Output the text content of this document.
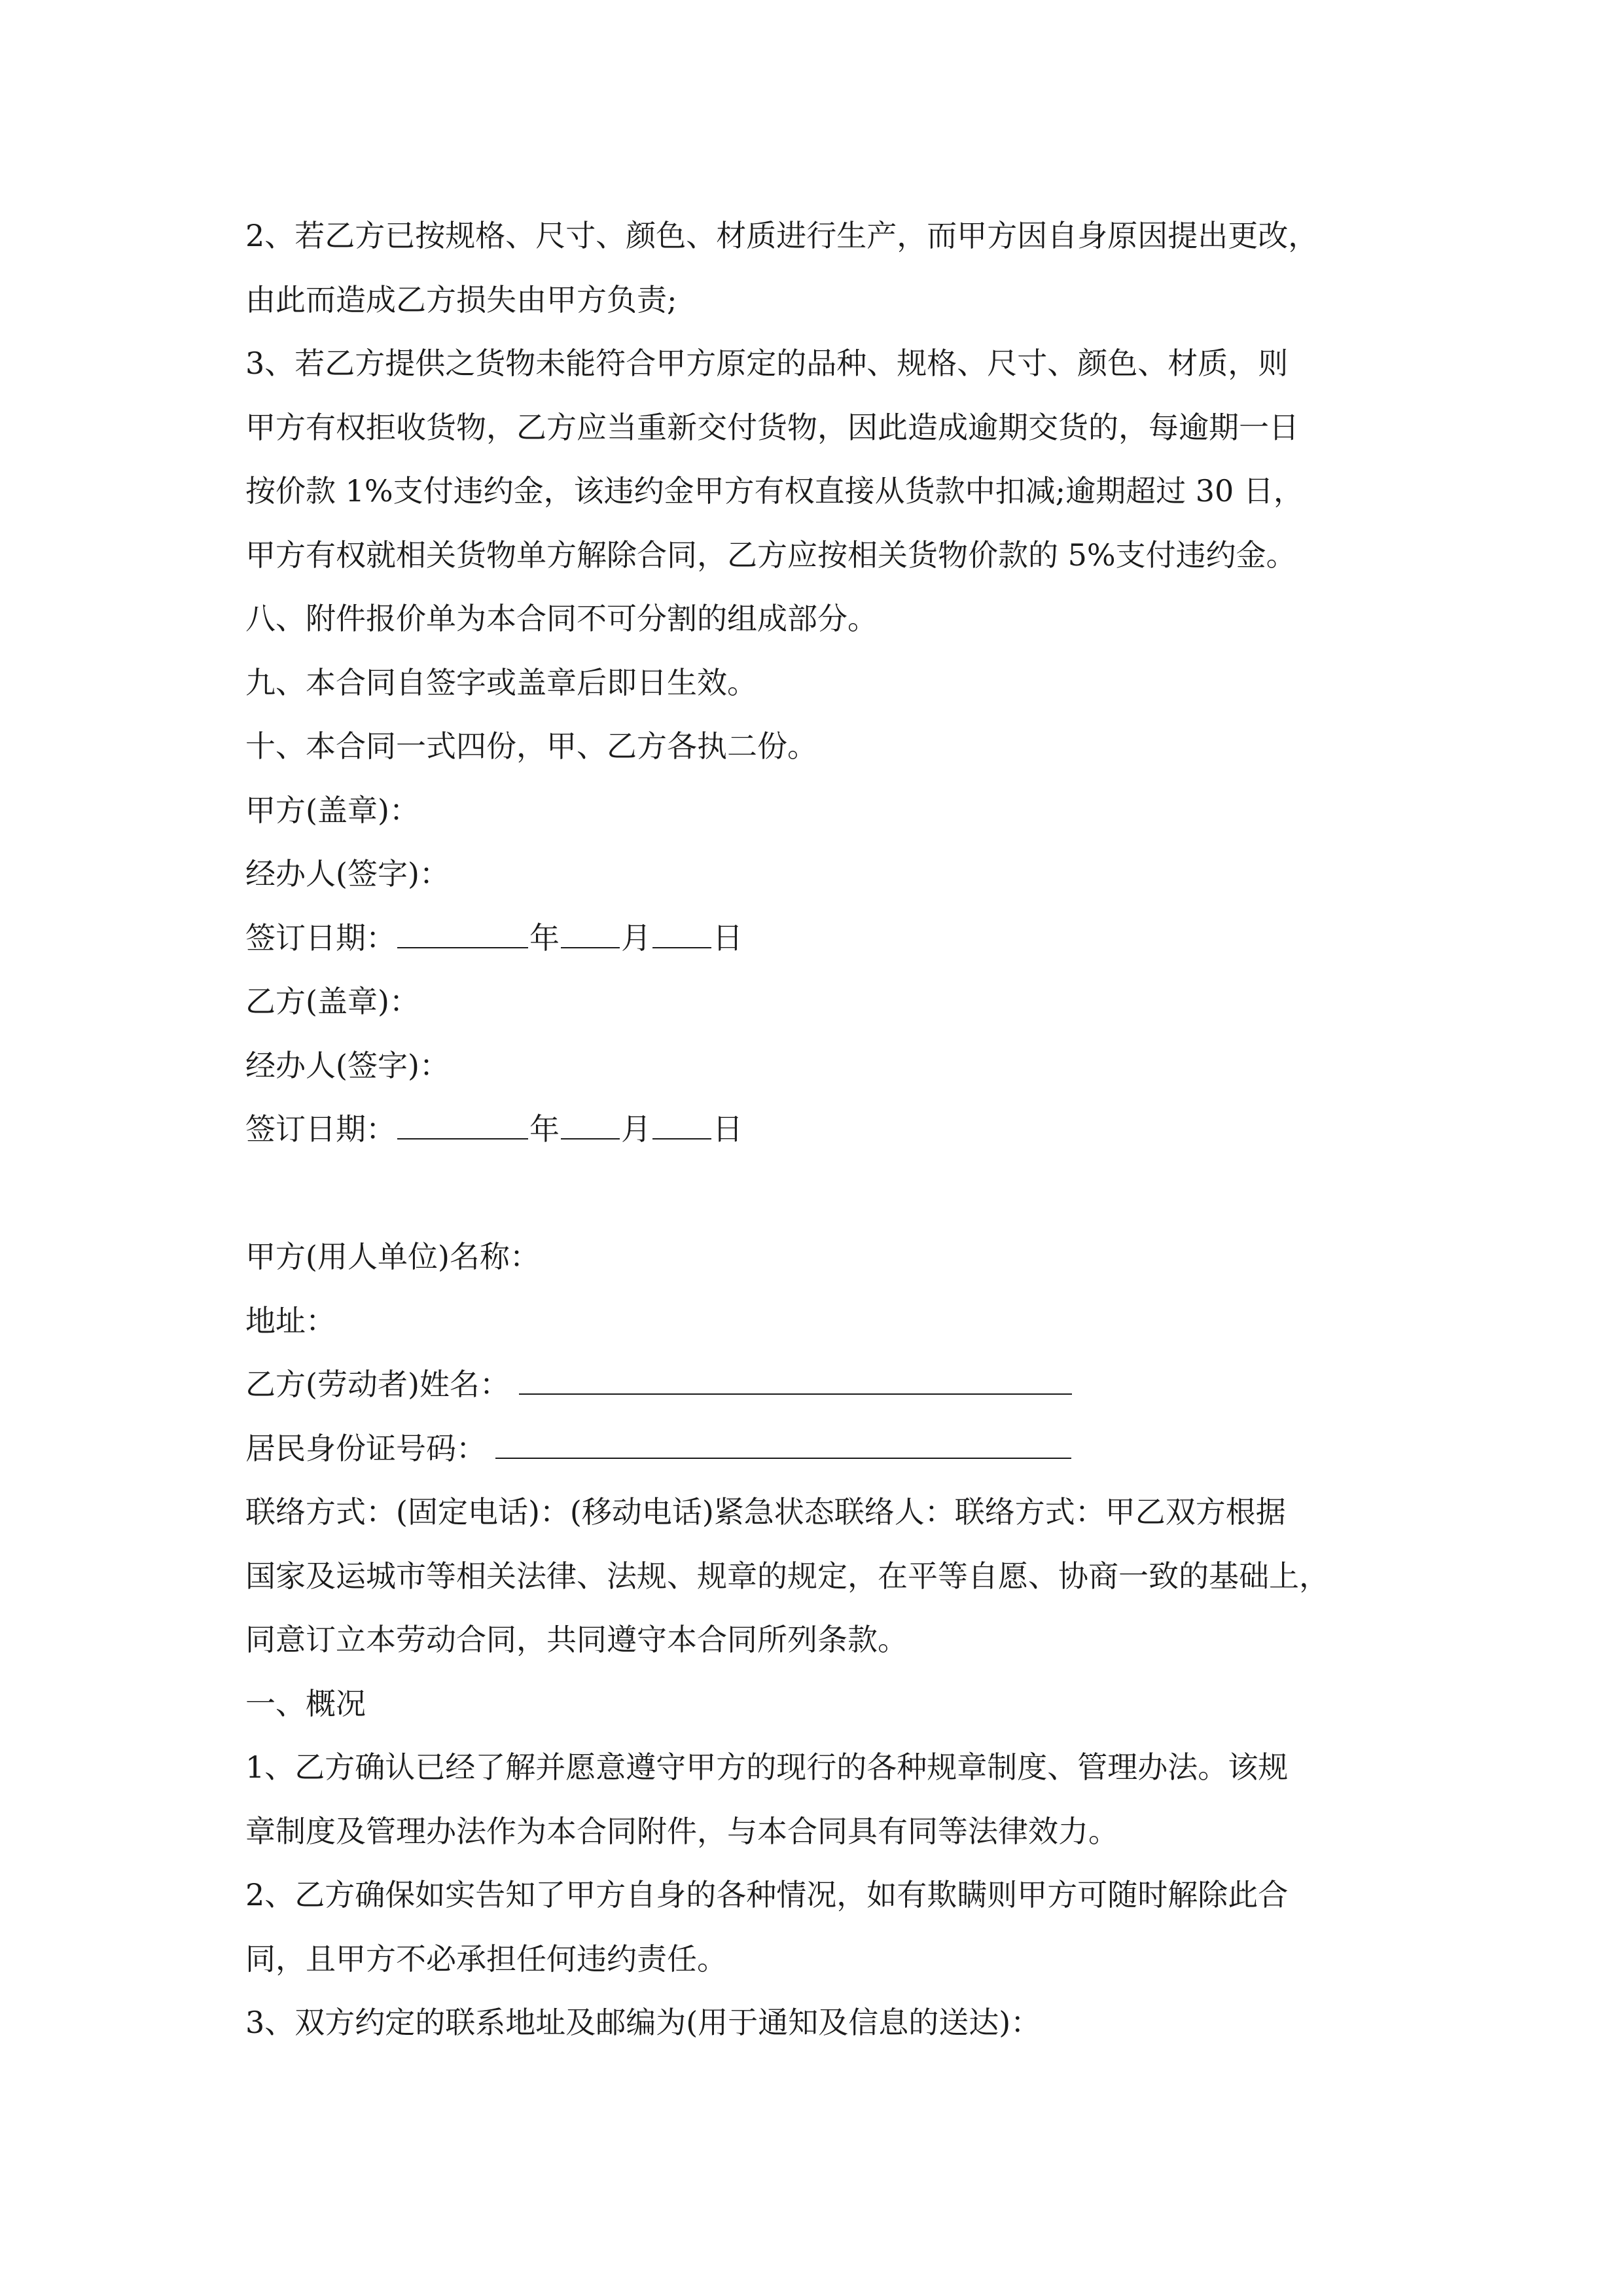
2、若乙方已按规格、尺寸、颜色、材质进行生产，而甲方因自身原因提出更改，
由此而造成乙方损失由甲方负责;
3、若乙方提供之货物未能符合甲方原定的品种、规格、尺寸、颜色、材质，则
甲方有权拒收货物，乙方应当重新交付货物，因此造成逾期交货的，每逾期一日
按价款 1%支付违约金，该违约金甲方有权直接从货款中扣减;逾期超过 30 日，
甲方有权就相关货物单方解除合同，乙方应按相关货物价款的 5%支付违约金。
八、附件报价单为本合同不可分割的组成部分。
九、本合同自签字或盖章后即日生效。
十、本合同一式四份，甲、乙方各执二份。
甲方(盖章)：
经办人(签字)：
签订日期：	年 月 日
乙方(盖章)：
经办人(签字)：
签订日期：	年 月 日
甲方(用人单位)名称：
地址：
乙方(劳动者)姓名：
居民身份证号码：
联络方式：(固定电话)：(移动电话)紧急状态联络人：联络方式：甲乙双方根据
国家及运城市等相关法律、法规、规章的规定，在平等自愿、协商一致的基础上，
同意订立本劳动合同，共同遵守本合同所列条款。
一、概况
1、乙方确认已经了解并愿意遵守甲方的现行的各种规章制度、管理办法。该规
章制度及管理办法作为本合同附件，与本合同具有同等法律效力。
2、乙方确保如实告知了甲方自身的各种情况，如有欺瞒则甲方可随时解除此合
同，且甲方不必承担任何违约责任。
3、双方约定的联系地址及邮编为(用于通知及信息的送达)：
